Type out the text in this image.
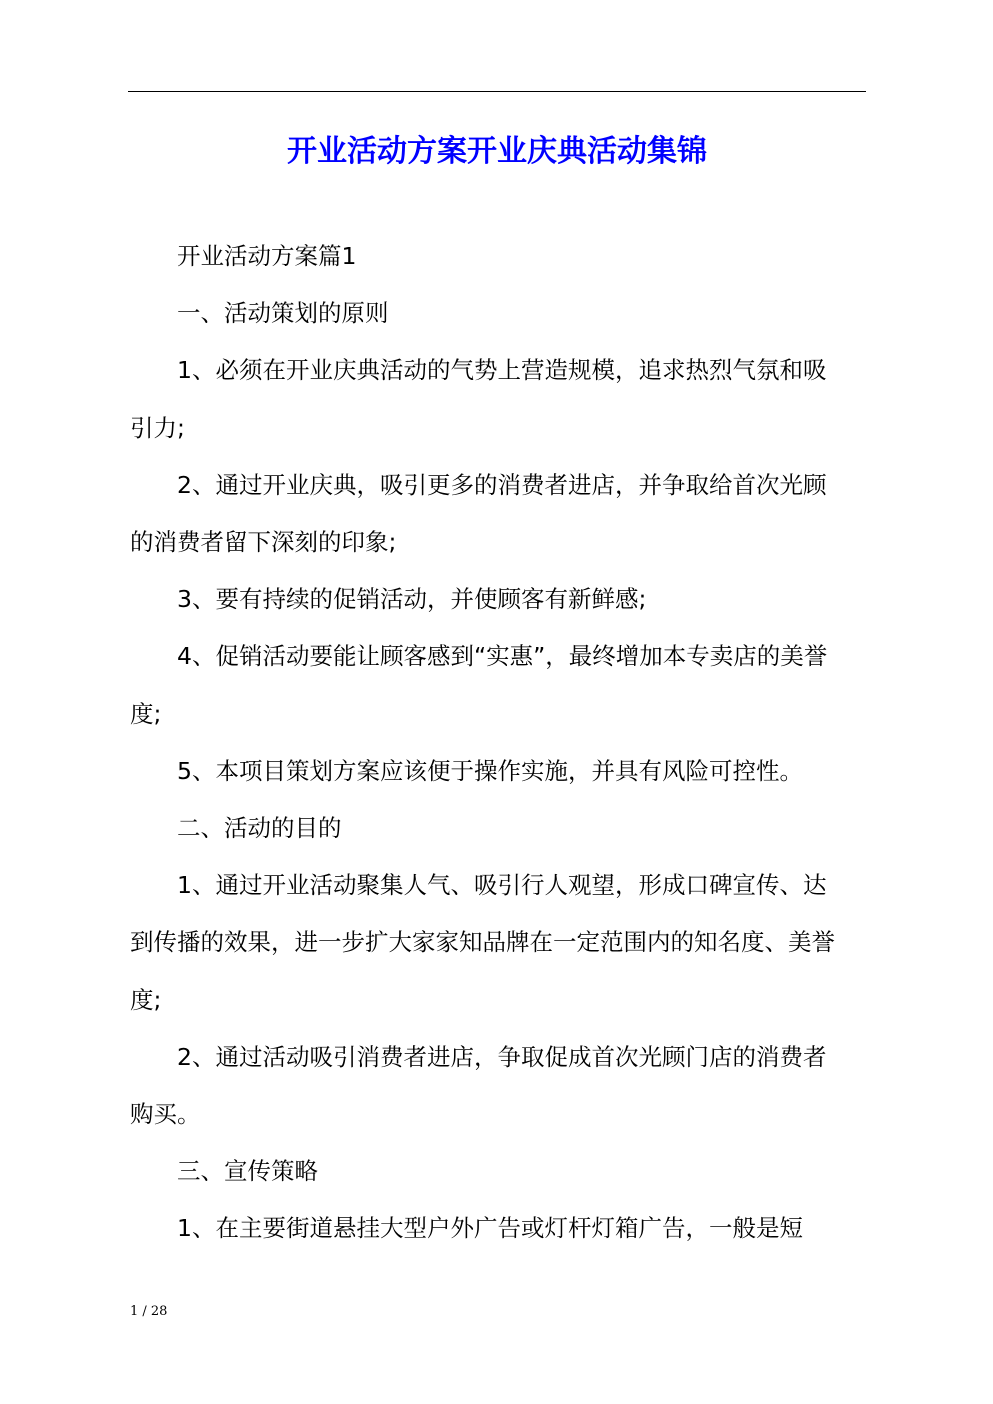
开业活动方案开业庆典活动集锦

开业活动方案篇1

一、活动策划的原则

1、必须在开业庆典活动的气势上营造规模，追求热烈气氛和吸引力;

2、通过开业庆典，吸引更多的消费者进店，并争取给首次光顾的消费者留下深刻的印象;

3、要有持续的促销活动，并使顾客有新鲜感;

4、促销活动要能让顾客感到“实惠”，最终增加本专卖店的美誉度;

5、本项目策划方案应该便于操作实施，并具有风险可控性。

二、活动的目的

1、通过开业活动聚集人气、吸引行人观望，形成口碑宣传、达到传播的效果，进一步扩大家家知品牌在一定范围内的知名度、美誉度;

2、通过活动吸引消费者进店，争取促成首次光顾门店的消费者购买。

三、宣传策略

1、在主要街道悬挂大型户外广告或灯杆灯箱广告，一般是短

1 / 28
